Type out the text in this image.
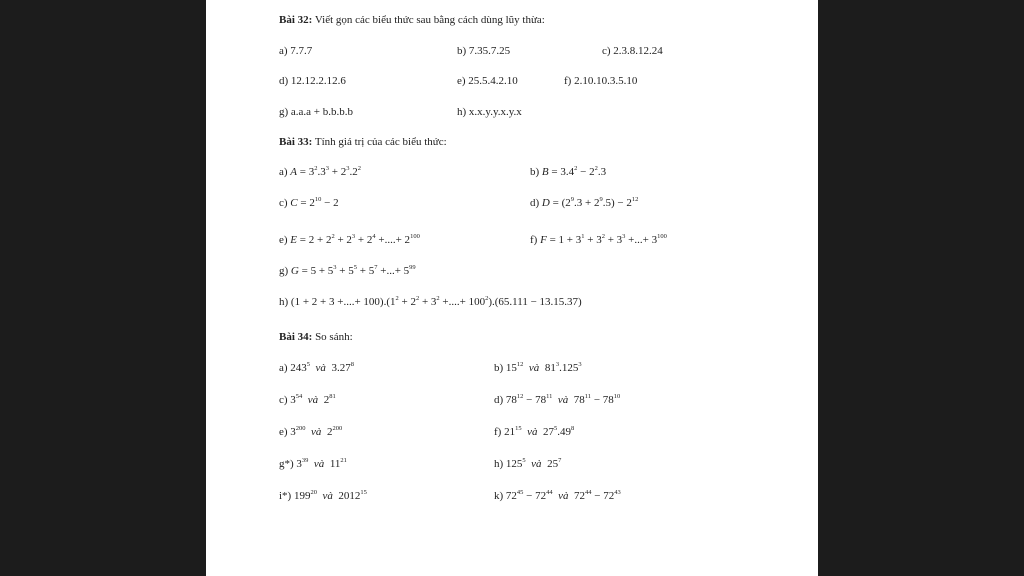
Bài 32: Viết gọn các biểu thức sau bằng cách dùng lũy thừa:
a) 7.7.7	b) 7.35.7.25	c) 2.3.8.12.24
d) 12.12.2.12.6	e) 25.5.4.2.10	f) 2.10.10.3.5.10
g) a.a.a + b.b.b.b	h) x.x.y.y.x.y.x
Bài 33: Tính giá trị của các biểu thức:
a) $A = 3^2.3^3 + 2^3.2^2$	b) $B = 3.4^2 - 2^2.3$
c) $C = 2^{10} - 2$	d) $D = (2^9.3 + 2^9.5) - 2^{12}$
e) $E = 2 + 2^2 + 2^3 + 2^4$ +....+ $2^{100}$	f) $F = 1 + 3^1 + 3^2 + 3^3$ +...+ $3^{100}$
g) $G = 5 + 5^3 + 5^5 + 5^7$ +...+ $5^{99}$
h) (1 + 2 + 3 +....+ $100).(1^2 + 2^2 + 3^2$ +....+ $100^2).(65.111 - 13.15.37)$
Bài 34: So sánh:
a) $243^5$ và  3.27$^8$	b) $15^{12}$ và  $81^3.125^3$
c) $3^{54}$ và  $2^{81}$	d) $78^{12} - 78^{11}$ và  $78^{11} - 78^{10}$
e) $3^{200}$ và  $2^{200}$	f) $21^{15}$ và  $27^5.49^8$
g*) $3^{39}$ và  $11^{21}$	h) $125^5$ và  $25^7$
i*) $199^{20}$ và  2012$^{15}$	k) $72^{45} - 72^{44}$ và  $72^{44} - 72^{43}$
